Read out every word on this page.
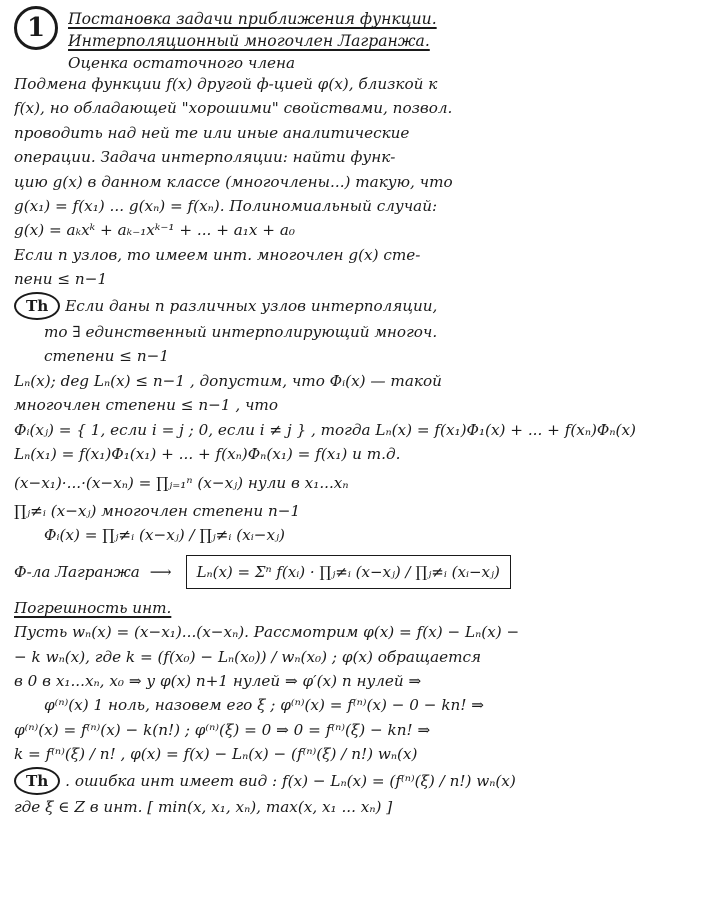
1	Постановка задачи приближения функции.
Интерполяционный многочлен Лагранжа.
Оценка остаточного члена
Подмена функции f(x) другой ф-цией φ(x), близкой к
f(x), но обладающей "хорошими" свойствами, позвол.
проводить над ней те или иные аналитические
операции. Задача интерполяции: найти функ-
цию g(x) в данном классе (многочлены...) такую, что
g(x₁) = f(x₁) ... g(xₙ) = f(xₙ). Полиномиальный случай:
g(x) = aₖxᵏ + aₖ₋₁xᵏ⁻¹ + ... + a₁x + a₀
Если n узлов, то имеем инт. многочлен g(x) сте-
пени ≤ n−1
Th Если даны n различных узлов интерполяции,
то ∃ единственный интерполирующий многоч.
степени ≤ n−1
Lₙ(x); deg Lₙ(x) ≤ n−1 , допустим, что Φᵢ(x) — такой
многочлен степени ≤ n−1 , что
Φᵢ(xⱼ) = { 1, если i = j ; 0, если i ≠ j } , тогда Lₙ(x) = f(x₁)Φ₁(x) + ... + f(xₙ)Φₙ(x)
Lₙ(x₁) = f(x₁)Φ₁(x₁) + ... + f(xₙ)Φₙ(x₁) = f(x₁) и т.д.
(x−x₁)·...·(x−xₙ) = ∏ⱼ₌₁ⁿ (x−xⱼ) нули в x₁...xₙ
∏ⱼ≠ᵢ (x−xⱼ) многочлен степени n−1
Φᵢ(x) = ∏ⱼ≠ᵢ (x−xⱼ) / ∏ⱼ≠ᵢ (xᵢ−xⱼ)
Ф-ла Лагранжа ⟶	Lₙ(x) = Σⁿ f(xᵢ) · ∏ⱼ≠ᵢ (x−xⱼ) / ∏ⱼ≠ᵢ (xᵢ−xⱼ)
Погрешность инт.
Пусть wₙ(x) = (x−x₁)...(x−xₙ). Рассмотрим φ(x) = f(x) − Lₙ(x) −
− k wₙ(x), где k = (f(x₀) − Lₙ(x₀)) / wₙ(x₀) ; φ(x) обращается
в 0 в x₁...xₙ, x₀ ⇒ у φ(x) n+1 нулей ⇒ φ′(x) n нулей ⇒
φ⁽ⁿ⁾(x) 1 ноль, назовем его ξ ; φ⁽ⁿ⁾(x) = f⁽ⁿ⁾(x) − 0 − kn! ⇒
φ⁽ⁿ⁾(x) = f⁽ⁿ⁾(x) − k(n!) ; φ⁽ⁿ⁾(ξ) = 0 ⇒ 0 = f⁽ⁿ⁾(ξ) − kn! ⇒
k = f⁽ⁿ⁾(ξ) / n! , φ(x) = f(x) − Lₙ(x) − (f⁽ⁿ⁾(ξ) / n!) wₙ(x)
Th . ошибка инт имеет вид : f(x) − Lₙ(x) = (f⁽ⁿ⁾(ξ) / n!) wₙ(x)
где ξ ∈ Z в инт. [ min(x, x₁, xₙ), max(x, x₁ ... xₙ) ]
